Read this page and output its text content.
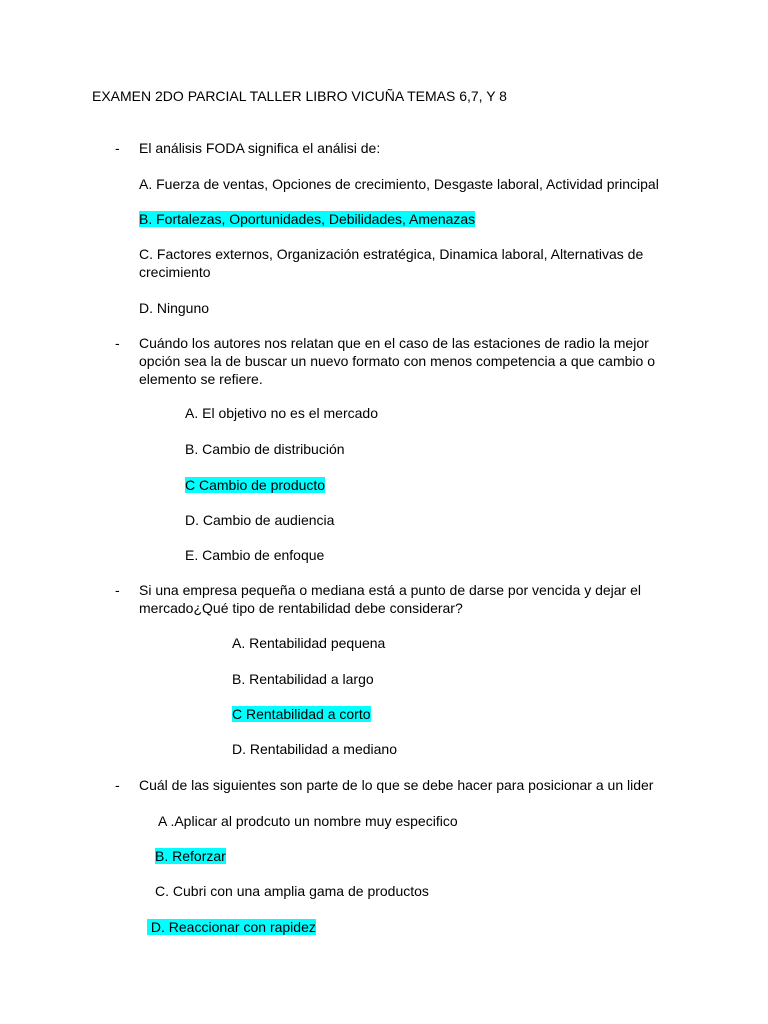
EXAMEN 2DO PARCIAL TALLER LIBRO VICUÑA TEMAS 6,7, Y 8
- El análisis FODA significa el análisi de:
A. Fuerza de ventas, Opciones de crecimiento, Desgaste laboral, Actividad principal
B. Fortalezas, Oportunidades, Debilidades, Amenazas
C. Factores externos, Organización estratégica, Dinamica laboral, Alternativas de crecimiento
D. Ninguno
- Cuándo los autores nos relatan que en el caso de las estaciones de radio la mejor opción sea la de buscar un nuevo formato con menos competencia a que cambio o elemento se refiere.
A. El objetivo no es el mercado
B. Cambio de distribución
C Cambio de producto
D. Cambio de audiencia
E. Cambio de enfoque
- Si una empresa pequeña o mediana está a punto de darse por vencida y dejar el mercado¿Qué tipo de rentabilidad debe considerar?
A. Rentabilidad pequena
B. Rentabilidad a largo
C Rentabilidad a corto
D. Rentabilidad a mediano
- Cuál de las siguientes son parte de lo que se debe hacer para posicionar a un lider
A .Aplicar al prodcuto un nombre muy especifico
B. Reforzar
C. Cubri con una amplia gama de productos
D. Reaccionar con rapidez
